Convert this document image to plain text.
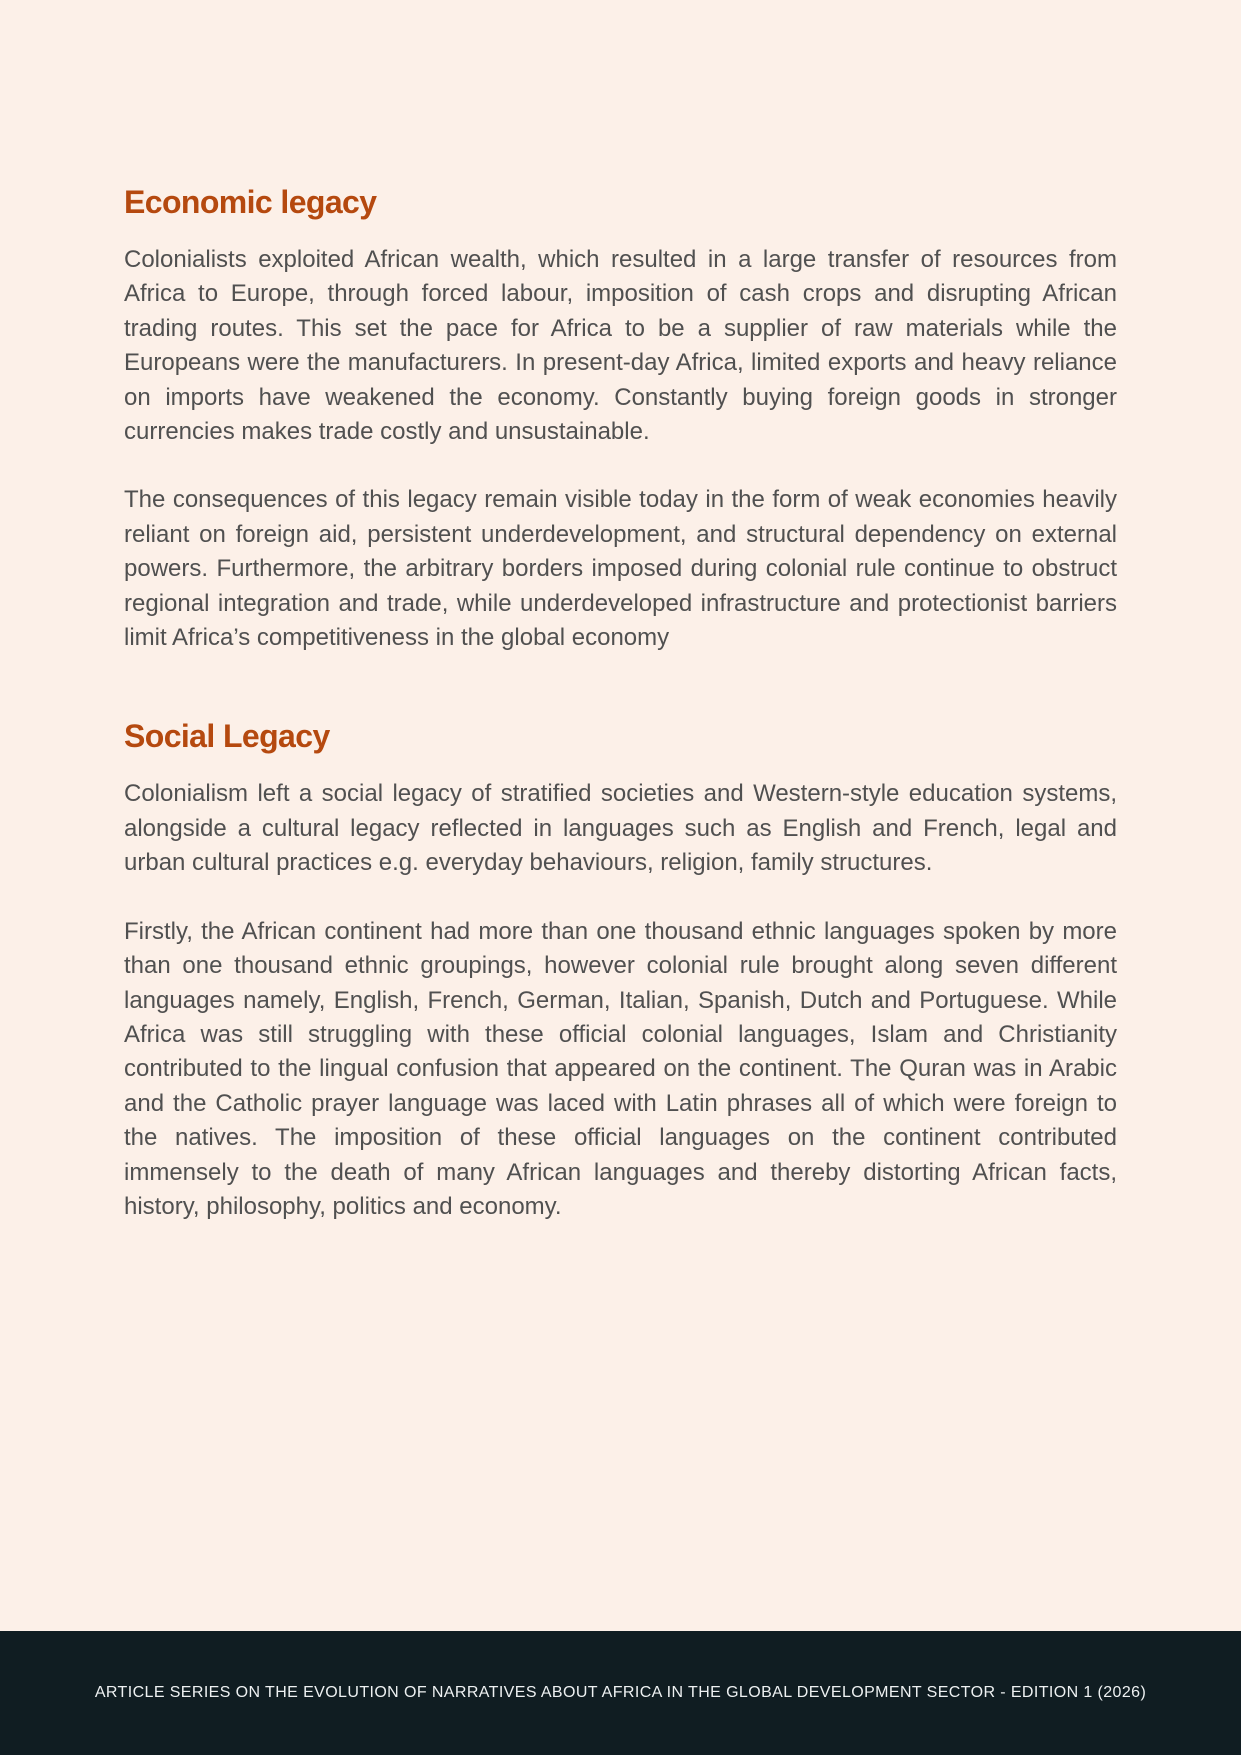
Economic legacy

Colonialists exploited African wealth, which resulted in a large transfer of resources from Africa to Europe, through forced labour, imposition of cash crops and disrupting African trading routes. This set the pace for Africa to be a supplier of raw materials while the Europeans were the manufacturers. In present-day Africa, limited exports and heavy reliance on imports have weakened the economy. Constantly buying foreign goods in stronger currencies makes trade costly and unsustainable.

The consequences of this legacy remain visible today in the form of weak economies heavily reliant on foreign aid, persistent underdevelopment, and structural dependency on external powers. Furthermore, the arbitrary borders imposed during colonial rule continue to obstruct regional integration and trade, while underdeveloped infrastructure and protectionist barriers limit Africa’s competitiveness in the global economy

Social Legacy

Colonialism left a social legacy of stratified societies and Western-style education systems, alongside a cultural legacy reflected in languages such as English and French, legal and urban cultural practices e.g. everyday behaviours, religion, family structures.

Firstly, the African continent had more than one thousand ethnic languages spoken by more than one thousand ethnic groupings, however colonial rule brought along seven different languages namely, English, French, German, Italian, Spanish, Dutch and Portuguese. While Africa was still struggling with these official colonial languages, Islam and Christianity contributed to the lingual confusion that appeared on the continent. The Quran was in Arabic and the Catholic prayer language was laced with Latin phrases all of which were foreign to the natives. The imposition of these official languages on the continent contributed immensely to the death of many African languages and thereby distorting African facts, history, philosophy, politics and economy.

ARTICLE SERIES ON THE EVOLUTION OF NARRATIVES ABOUT AFRICA IN THE GLOBAL DEVELOPMENT SECTOR - EDITION 1 (2026)
